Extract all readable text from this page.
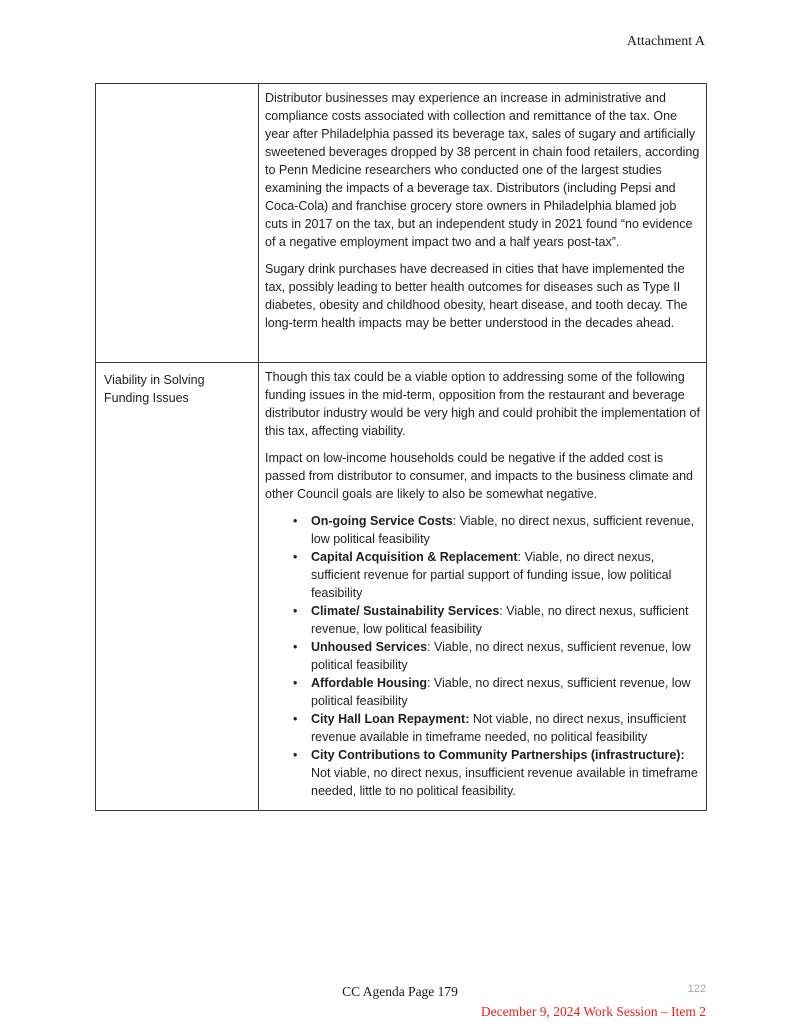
Attachment A

Distributor businesses may experience an increase in administrative and compliance costs associated with collection and remittance of the tax. One year after Philadelphia passed its beverage tax, sales of sugary and artificially sweetened beverages dropped by 38 percent in chain food retailers, according to Penn Medicine researchers who conducted one of the largest studies examining the impacts of a beverage tax. Distributors (including Pepsi and Coca-Cola) and franchise grocery store owners in Philadelphia blamed job cuts in 2017 on the tax, but an independent study in 2021 found “no evidence of a negative employment impact two and a half years post-tax”.

Sugary drink purchases have decreased in cities that have implemented the tax, possibly leading to better health outcomes for diseases such as Type II diabetes, obesity and childhood obesity, heart disease, and tooth decay. The long-term health impacts may be better understood in the decades ahead.

Viability in Solving Funding Issues

Though this tax could be a viable option to addressing some of the following funding issues in the mid-term, opposition from the restaurant and beverage distributor industry would be very high and could prohibit the implementation of this tax, affecting viability.

Impact on low-income households could be negative if the added cost is passed from distributor to consumer, and impacts to the business climate and other Council goals are likely to also be somewhat negative.

• On-going Service Costs: Viable, no direct nexus, sufficient revenue, low political feasibility
• Capital Acquisition & Replacement: Viable, no direct nexus, sufficient revenue for partial support of funding issue, low political feasibility
• Climate/ Sustainability Services: Viable, no direct nexus, sufficient revenue, low political feasibility
• Unhoused Services: Viable, no direct nexus, sufficient revenue, low political feasibility
• Affordable Housing: Viable, no direct nexus, sufficient revenue, low political feasibility
• City Hall Loan Repayment: Not viable, no direct nexus, insufficient revenue available in timeframe needed, no political feasibility
• City Contributions to Community Partnerships (infrastructure): Not viable, no direct nexus, insufficient revenue available in timeframe needed, little to no political feasibility.
CC Agenda Page 179	122
December 9, 2024 Work Session – Item 2
